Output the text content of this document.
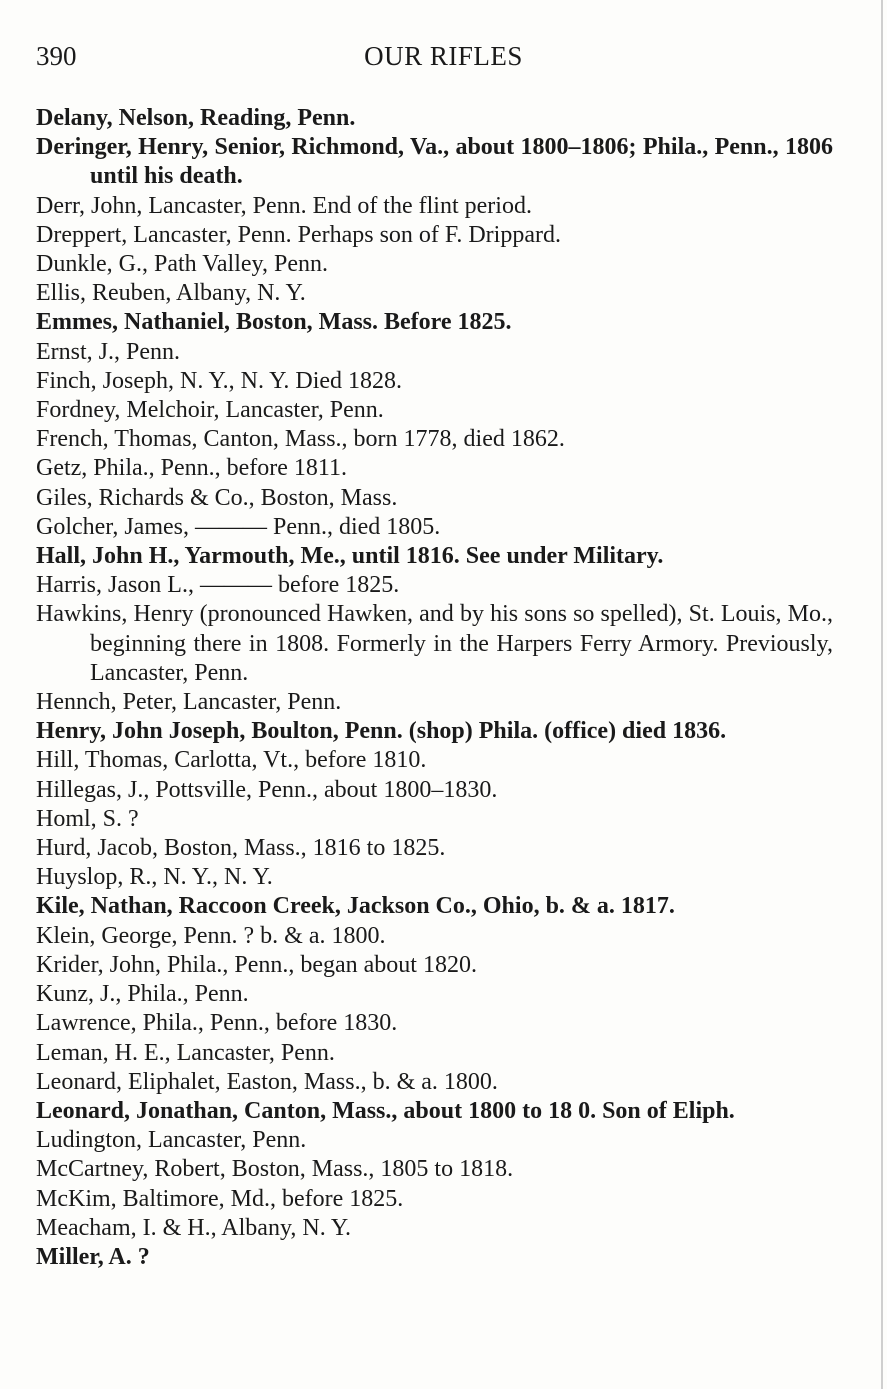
390	OUR RIFLES
Delany, Nelson, Reading, Penn.
Deringer, Henry, Senior, Richmond, Va., about 1800–1806; Phila., Penn., 1806 until his death.
Derr, John, Lancaster, Penn. End of the flint period.
Dreppert, Lancaster, Penn. Perhaps son of F. Drippard.
Dunkle, G., Path Valley, Penn.
Ellis, Reuben, Albany, N. Y.
Emmes, Nathaniel, Boston, Mass. Before 1825.
Ernst, J., Penn.
Finch, Joseph, N. Y., N. Y. Died 1828.
Fordney, Melchoir, Lancaster, Penn.
French, Thomas, Canton, Mass., born 1778, died 1862.
Getz, Phila., Penn., before 1811.
Giles, Richards & Co., Boston, Mass.
Golcher, James, ——— Penn., died 1805.
Hall, John H., Yarmouth, Me., until 1816. See under Military.
Harris, Jason L., ——— before 1825.
Hawkins, Henry (pronounced Hawken, and by his sons so spelled), St. Louis, Mo., beginning there in 1808. Formerly in the Harpers Ferry Armory. Previously, Lancaster, Penn.
Hennch, Peter, Lancaster, Penn.
Henry, John Joseph, Boulton, Penn. (shop) Phila. (office) died 1836.
Hill, Thomas, Carlotta, Vt., before 1810.
Hillegas, J., Pottsville, Penn., about 1800–1830.
Homl, S. ?
Hurd, Jacob, Boston, Mass., 1816 to 1825.
Huyslop, R., N. Y., N. Y.
Kile, Nathan, Raccoon Creek, Jackson Co., Ohio, b. & a. 1817.
Klein, George, Penn. ? b. & a. 1800.
Krider, John, Phila., Penn., began about 1820.
Kunz, J., Phila., Penn.
Lawrence, Phila., Penn., before 1830.
Leman, H. E., Lancaster, Penn.
Leonard, Eliphalet, Easton, Mass., b. & a. 1800.
Leonard, Jonathan, Canton, Mass., about 1800 to 18 0. Son of Eliph.
Ludington, Lancaster, Penn.
McCartney, Robert, Boston, Mass., 1805 to 1818.
McKim, Baltimore, Md., before 1825.
Meacham, I. & H., Albany, N. Y.
Miller, A. ?
